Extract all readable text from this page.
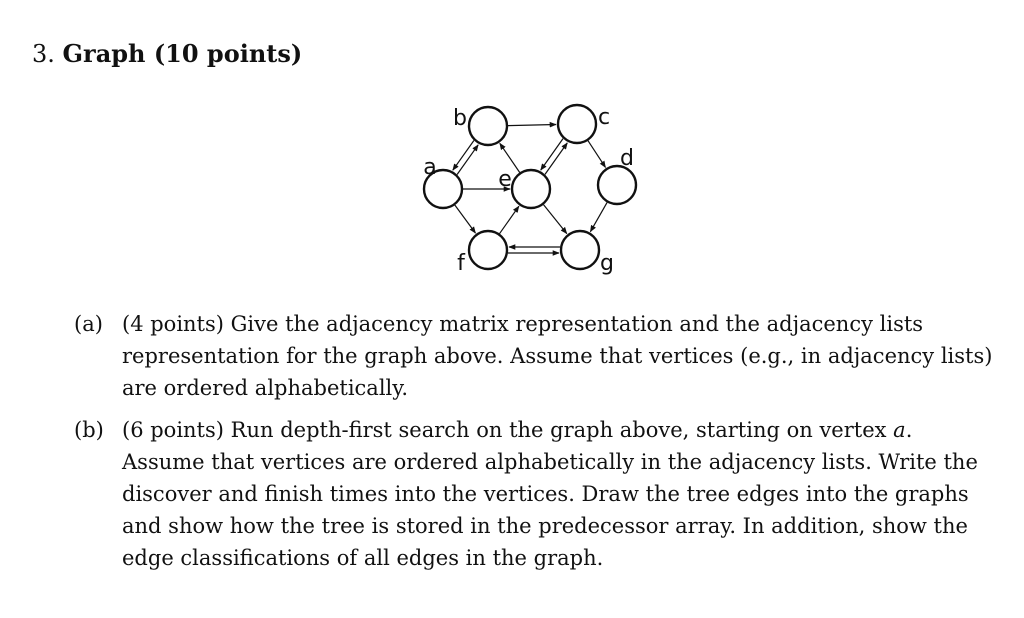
3. Graph (10 points)
a
b	c
d
e
f	g
(a) (4 points) Give the adjacency matrix representation and the adjacency lists representation for the graph above. Assume that vertices (e.g., in adjacency lists) are ordered alphabetically.
(b) (6 points) Run depth-first search on the graph above, starting on vertex a. Assume that vertices are ordered alphabetically in the adjacency lists. Write the discover and finish times into the vertices. Draw the tree edges into the graphs and show how the tree is stored in the predecessor array. In addition, show the edge classifications of all edges in the graph.
